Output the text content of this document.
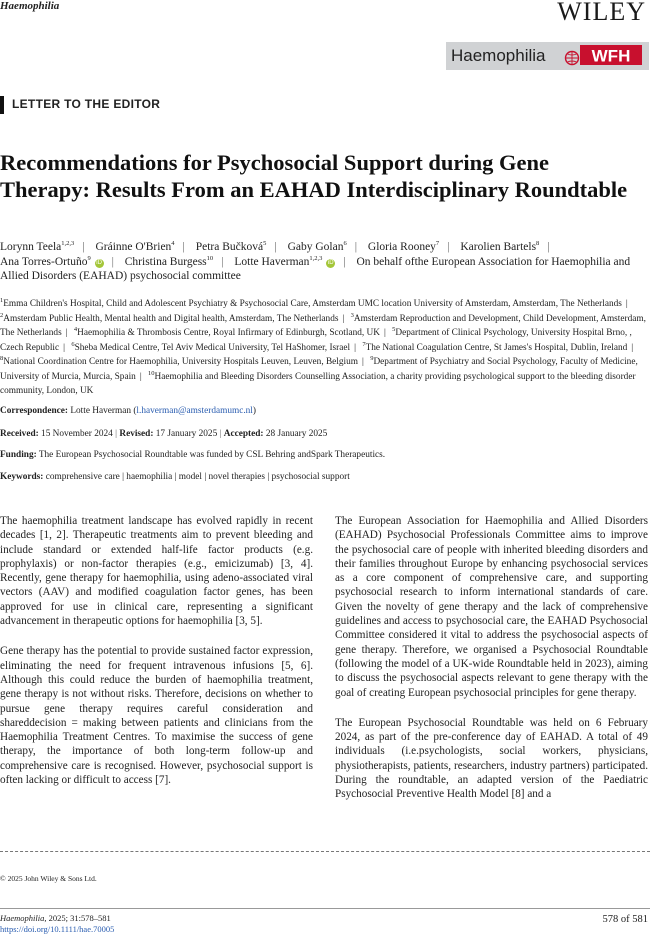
Haemophilia	WILEY
Haemophilia	WFH
LETTER TO THE EDITOR
Recommendations for Psychosocial Support during Gene Therapy: Results From an EAHAD Interdisciplinary Roundtable
Lorynn Teela$^{1,2,3}$ | Gráinne O'Brien$^4$ | Petra Bučková$^5$ | Gaby Golan$^6$ | Gloria Rooney$^7$ | Karolien Bartels$^8$ |
Ana Torres-Ortuño$^9$ iD | Christina Burgess$^{10}$ | Lotte Haverman$^{1,2,3}$ iD | On behalf ofthe European Association for Haemophilia and Allied Disorders (EAHAD) psychosocial committee
$^1$Emma Children's Hospital, Child and Adolescent Psychiatry & Psychosocial Care, Amsterdam UMC location University of Amsterdam, Amsterdam, The Netherlands | $^2$Amsterdam Public Health, Mental health and Digital health, Amsterdam, The Netherlands | $^3$Amsterdam Reproduction and Development, Child Development, Amsterdam, The Netherlands | $^4$Haemophilia & Thrombosis Centre, Royal Infirmary of Edinburgh, Scotland, UK | $^5$Department of Clinical Psychology, University Hospital Brno, , Czech Republic | $^6$Sheba Medical Centre, Tel Aviv Medical University, Tel HaShomer, Israel | $^7$The National Coagulation Centre, St James's Hospital, Dublin, Ireland | $^8$National Coordination Centre for Haemophilia, University Hospitals Leuven, Leuven, Belgium | $^9$Department of Psychiatry and Social Psychology, Faculty of Medicine, University of Murcia, Murcia, Spain | $^{10}$Haemophilia and Bleeding Disorders Counselling Association, a charity providing psychological support to the bleeding disorder community, London, UK
Correspondence: Lotte Haverman (l.haverman@amsterdamumc.nl)
Received: 15 November 2024 | Revised: 17 January 2025 | Accepted: 28 January 2025
Funding: The European Psychosocial Roundtable was funded by CSL Behring andSpark Therapeutics.
Keywords: comprehensive care | haemophilia | model | novel therapies | psychosocial support

The haemophilia treatment landscape has evolved rapidly in recent decades [1, 2]. Therapeutic treatments aim to prevent bleeding and include standard or extended half-life factor products (e.g. prophylaxis) or non-factor therapies (e.g., emicizumab) [3, 4]. Recently, gene therapy for haemophilia, using adeno-associated viral vectors (AAV) and modified coagulation factor genes, has been approved for use in clinical care, representing a significant advancement in therapeutic options for haemophilia [3, 5].

Gene therapy has the potential to provide sustained factor expression, eliminating the need for frequent intravenous infusions [5, 6]. Although this could reduce the burden of haemophilia treatment, gene therapy is not without risks. Therefore, decisions on whether to pursue gene therapy requires careful consideration and shareddecision = making between patients and clinicians from the Haemophilia Treatment Centres. To maximise the success of gene therapy, the importance of both long-term follow-up and comprehensive care is recognised. However, psychosocial support is often lacking or difficult to access [7].

The European Association for Haemophilia and Allied Disorders (EAHAD) Psychosocial Professionals Committee aims to improve the psychosocial care of people with inherited bleeding disorders and their families throughout Europe by enhancing psychosocial services as a core component of comprehensive care, and supporting psychosocial research to inform international standards of care. Given the novelty of gene therapy and the lack of comprehensive guidelines and access to psychosocial care, the EAHAD Psychosocial Committee considered it vital to address the psychosocial aspects of gene therapy. Therefore, we organised a Psychosocial Roundtable (following the model of a UK-wide Roundtable held in 2023), aiming to discuss the psychosocial aspects relevant to gene therapy with the goal of creating European psychosocial principles for gene therapy.

The European Psychosocial Roundtable was held on 6 February 2024, as part of the pre-conference day of EAHAD. A total of 49 individuals (i.e.psychologists, social workers, physicians, physiotherapists, patients, researchers, industry partners) participated. During the roundtable, an adapted version of the Paediatric Psychosocial Preventive Health Model [8] and a

© 2025 John Wiley & Sons Ltd.
Haemophilia, 2025; 31:578–581
https://doi.org/10.1111/hae.70005
578 of 581
